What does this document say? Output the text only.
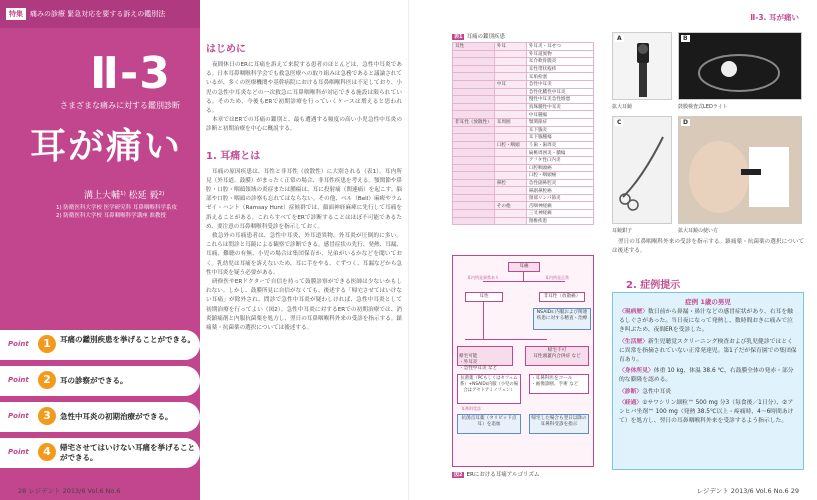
特集	痛みの診療 緊急対応を要する訴えの鑑別法
Ⅱ-3
さまざまな痛みに対する鑑別診断
耳が痛い
溝上大輔¹⁾ 松延 毅²⁾
1) 防衛医科大学校 医学研究科 耳鼻咽喉科学系攻
2) 防衛医科大学校 耳鼻咽喉科学講座 准教授
Point	1	耳痛の鑑別疾患を挙げることができる。
Point	2	耳の診察ができる。
Point	3	急性中耳炎の初期治療ができる。
Point	4	帰宅させてはいけない耳痛を挙げることができる。
はじめに

夜間休日のERに耳痛を訴えて来院する患者のほとんどは、急性中耳炎である。日本耳鼻咽喉科学会でも救急医療への取り組みは急務であると議論されているが、多くの医療機関や基幹病院における耳鼻咽喉科医は不足しており、小児の急性中耳炎などの一次救急に耳鼻咽喉科が対応できる施設は限られている。そのため、今後もERで初期診療を行っていくケースは増えると思われる。

本章ではERでの耳痛の鑑別と、最も遭遇する頻度の高い小児急性中耳炎の診断と初期治療を中心に概説する。

1. 耳痛とは

耳痛の原因疾患は、耳性と非耳性（放散性）に大別される（表1）。耳内所見（外耳道、鼓膜）がまったく正常の場合、非耳性疾患を考える。顎関節や鼻腔・口腔・咽頭領域の炎症または腫瘍は、耳に投射痛（関連痛）を起こす。脳部や口腔・咽頭の診察も忘れてはならない。その他、ベル（Bell）麻痺やラムゼイ・ハント（Ramsay Hunt）症候群では、顔面神経麻痺に先行して耳痛を訴えることがある。これらすべてをERで診断することはほぼ不可能であるため、要注意の耳鼻咽喉科受診を指示しておく。

救急外の耳痛患者は、急性中耳炎、外耳道異物、外耳炎が圧倒的に多い。これらは問診と耳鏡による観察で診断できる。感冒症状の先行、発熱、耳漏、耳痛、難聴の有無、小児の場合は集団保育か、兄弟がいるかなどを聞いておく。乳幼児は耳痛を訴えないため、耳に手をやる、ぐずつく、耳漏などから急性中耳炎を疑う必要がある。

研修医やERドクターで自信を持って鼓膜診察ができる医師は少ないかもしれない。しかし、鼓膜所見に自信がなくても、後述する「帰宅させてはいけない耳痛」が除外され、問診で急性中耳炎が疑わしければ、急性中耳炎として初期治療を行ってよい（図2）。急性中耳炎に対するERでの初期治療では、消炎鎮痛剤と内服抗菌薬を処方し、翌日の耳鼻咽喉科外来の受診を指示する。鎮痛薬・抗菌薬の選択については後述する。

28 レジデント 2013/6 Vol.6 No.6
Ⅱ-3. 耳が痛い
表1 耳痛の鑑別疾患
耳性	外耳	外耳炎・耳せつ
		外耳道異物
		耳介軟骨膜炎
		耳性帯状疱疹
		耳垢栓塞
	中耳	急性中耳炎
		急性化膿性中耳炎
		慢性中耳炎急性増悪
		真珠腫性中耳炎
		中耳腫瘍
非耳性（放散性）	耳周囲	顎関節症
		耳下腺炎
		耳下腺腫瘍
	口腔・咽頭	う歯・歯周炎
		扁桃周囲炎・膿瘍
		アフタ性口内炎
		口腔咽頭癌
		口腔・咽頭癌
	鼻腔	急性副鼻腔炎
		鼻副鼻腔癌
		頸部リンパ節炎
	その他	舌咽神経痛
		三叉神経痛
		頸椎疾患
耳痛
耳内所見異常あり	耳内所見正常
耳性	非耳性（放散痛）
NSAIDs 内服および関連疾患に対する精査・治療

帰宅可能

・外耳炎
・急性中耳炎 など
帰宅不可
耳性頭蓋内合併症 など
抗菌薬（PCもしくはセフェム系）+NSAIDs内服（小児の場合はアセトアミノフェン）
・耳鼻科医をコール
・画像診断、手術 など
抗菌点耳薬（タリビッド点耳）を追加
帰宅した場合も翌日以降の耳鼻科受診を指示
耳鼻科受診
図2 ERにおける耳痛アルゴリズム
A
拡大耳鏡
B
鼓膜検査式LEDライト
C
耳鏡鉗子
D
拡大耳鏡の使い方

翌日の耳鼻咽喉科外来の受診を指示する。鎮痛薬・抗菌薬の選択については後述する。

2. 症例提示
症例 1歳の男児

〈現病歴〉数日前から鼻漏・鼻汁などの感冒症状があり、右耳を触るしぐさがあった。当日夜になって発熱し、数時間おきに痛みで泣き叫ぶため、夜間ERを受診した。

〈生活歴〉新生児聴覚スクリーニング検査および乳児健診ではとくに異常を指摘されていない正常発達児。第1子だが保育園での集団保育あり。

〈身体所見〉体重 10 kg、体温 38.6 ℃、右鼓膜全体の発赤・部分的な膨隆を認める。

〈診断〉急性中耳炎

〈経過〉①サワシリン細粒™ 500 mg 分3（毎食後／1日分）、②アンヒバ坐剤™ 100 mg（発熱 38.5℃以上・疼痛時、4〜6時間あけて）を処方し、翌日の耳鼻咽喉科外来を受診するよう指示した。

レジデント 2013/6 Vol.6 No.6 29
